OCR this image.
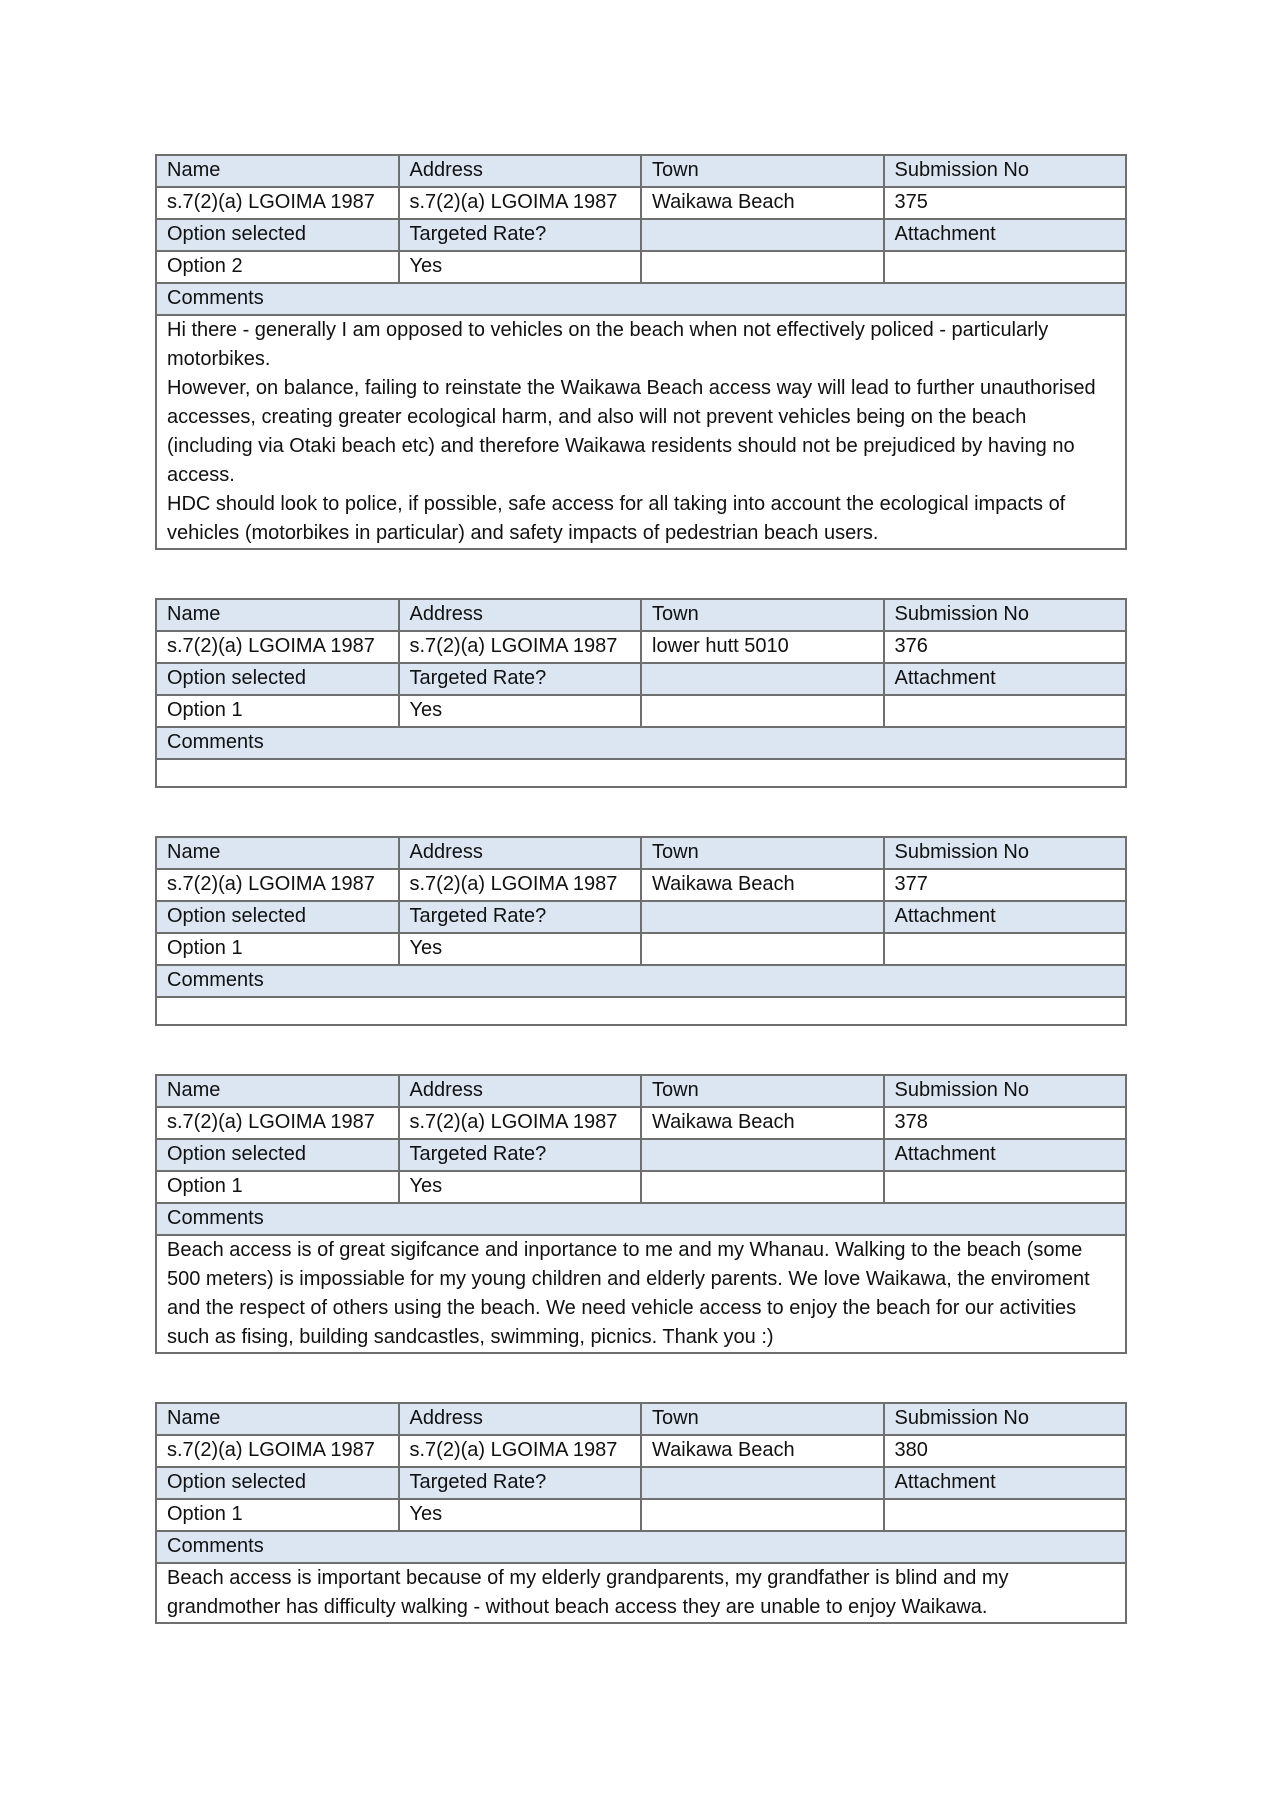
Name	Address	Town	Submission No
s.7(2)(a) LGOIMA 1987	s.7(2)(a) LGOIMA 1987	Waikawa Beach	375
Option selected	Targeted Rate?		Attachment
Option 2	Yes		
Comments			

Hi there - generally I am opposed to vehicles on the beach when not effectively policed - particularly motorbikes.

However, on balance, failing to reinstate the Waikawa Beach access way will lead to further unauthorised accesses, creating greater ecological harm, and also will not prevent vehicles being on the beach (including via Otaki beach etc) and therefore Waikawa residents should not be prejudiced by having no access.

HDC should look to police, if possible, safe access for all taking into account the ecological impacts of vehicles (motorbikes in particular) and safety impacts of pedestrian beach users.			

Name	Address	Town	Submission No
s.7(2)(a) LGOIMA 1987	s.7(2)(a) LGOIMA 1987	lower hutt 5010	376
Option selected	Targeted Rate?		Attachment
Option 1	Yes		
Comments			

Name	Address	Town	Submission No
s.7(2)(a) LGOIMA 1987	s.7(2)(a) LGOIMA 1987	Waikawa Beach	377
Option selected	Targeted Rate?		Attachment
Option 1	Yes		
Comments			

Name	Address	Town	Submission No
s.7(2)(a) LGOIMA 1987	s.7(2)(a) LGOIMA 1987	Waikawa Beach	378
Option selected	Targeted Rate?		Attachment
Option 1	Yes		
Comments			

Beach access is of great sigifcance and inportance to me and my Whanau. Walking to the beach (some 500 meters) is impossiable for my young children and elderly parents. We love Waikawa, the enviroment and the respect of others using the beach. We need vehicle access to enjoy the beach for our activities such as fising, building sandcastles, swimming, picnics. Thank you :)			

Name	Address	Town	Submission No
s.7(2)(a) LGOIMA 1987	s.7(2)(a) LGOIMA 1987	Waikawa Beach	380
Option selected	Targeted Rate?		Attachment
Option 1	Yes		
Comments			

Beach access is important because of my elderly grandparents, my grandfather is blind and my grandmother has difficulty walking - without beach access they are unable to enjoy Waikawa.			
